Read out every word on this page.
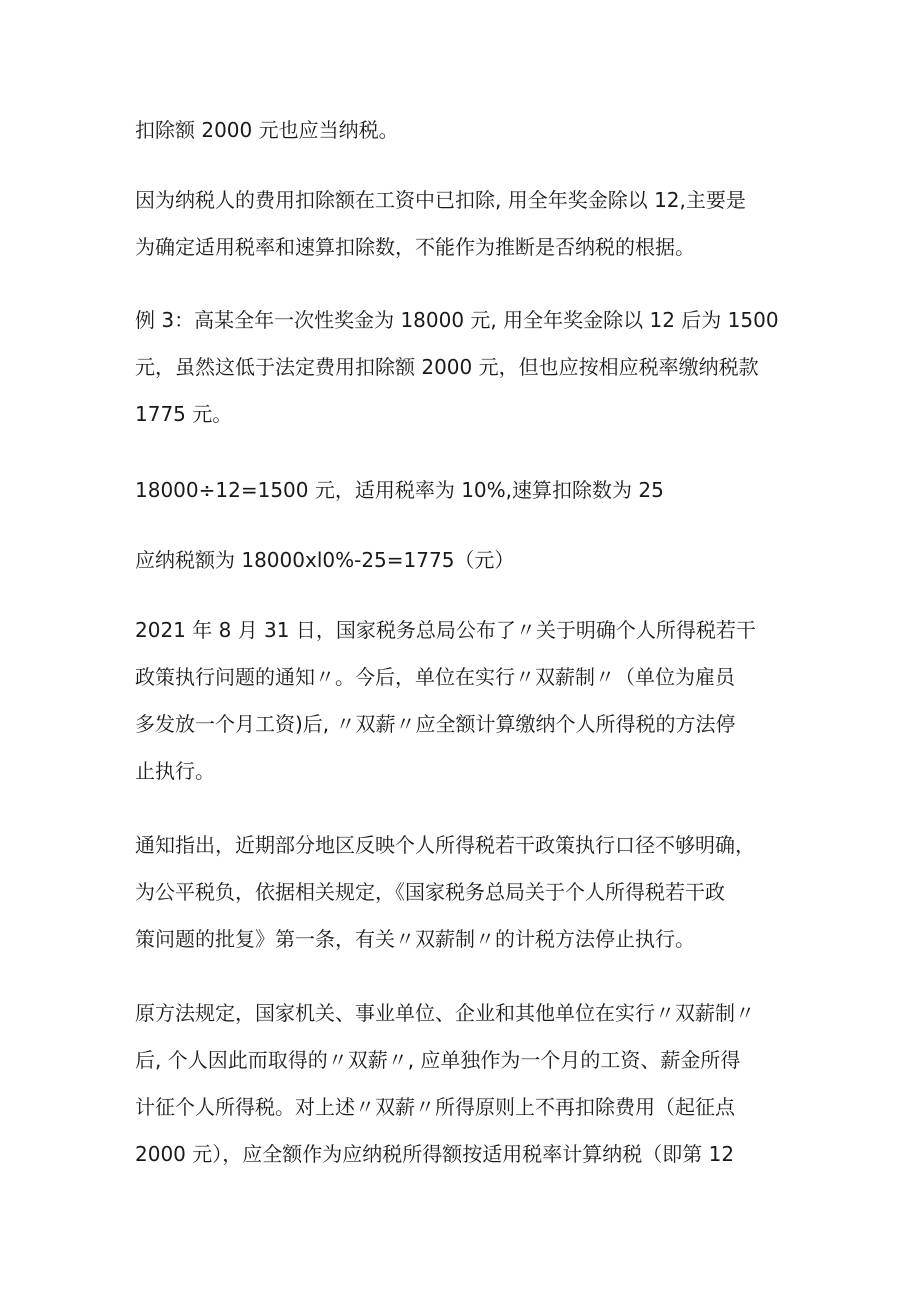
扣除额 2000 元也应当纳税。

因为纳税人的费用扣除额在工资中已扣除, 用全年奖金除以 12,主要是
为确定适用税率和速算扣除数，不能作为推断是否纳税的根据。

例 3：高某全年一次性奖金为 18000 元, 用全年奖金除以 12 后为 1500
元，虽然这低于法定费用扣除额 2000 元，但也应按相应税率缴纳税款
1775 元。

18000÷12=1500 元，适用税率为 10%,速算扣除数为 25

应纳税额为 18000xl0%-25=1775（元）

2021 年 8 月 31 日，国家税务总局公布了〃关于明确个人所得税若干
政策执行问题的通知〃。今后，单位在实行〃双薪制〃（单位为雇员
多发放一个月工资)后, 〃双薪〃应全额计算缴纳个人所得税的方法停
止执行。

通知指出，近期部分地区反映个人所得税若干政策执行口径不够明确，
为公平税负，依据相关规定，《国家税务总局关于个人所得税若干政
策问题的批复》第一条，有关〃双薪制〃的计税方法停止执行。

原方法规定，国家机关、事业单位、企业和其他单位在实行〃双薪制〃
后, 个人因此而取得的〃双薪〃, 应单独作为一个月的工资、薪金所得
计征个人所得税。对上述〃双薪〃所得原则上不再扣除费用（起征点
2000 元），应全额作为应纳税所得额按适用税率计算纳税（即第 12
